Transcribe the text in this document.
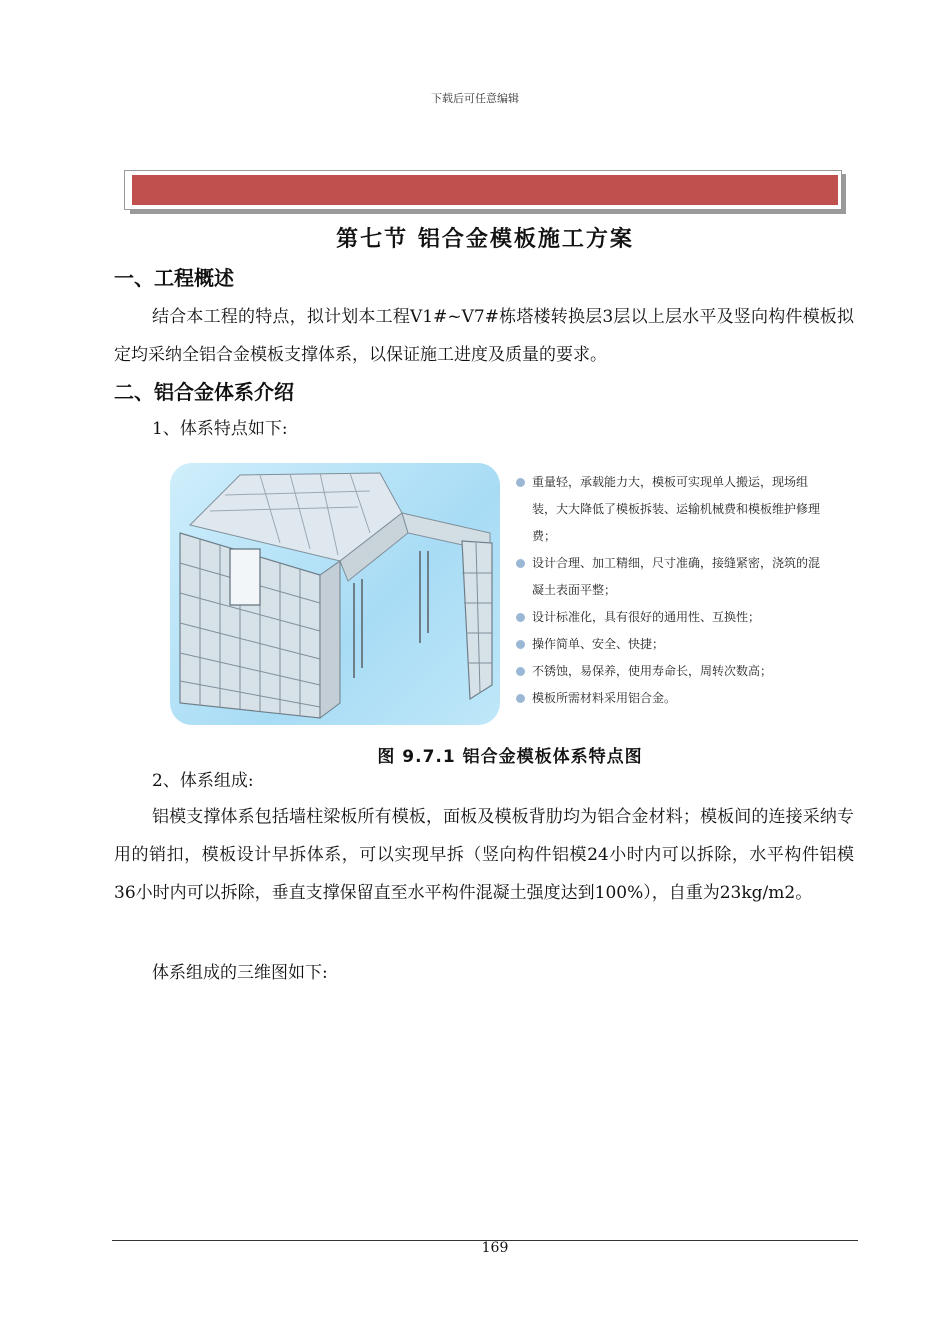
下载后可任意编辑
第七节 铝合金模板施工方案
一、工程概述
结合本工程的特点，拟计划本工程V1#~V7#栋塔楼转换层3层以上层水平及竖向构件模板拟定均采纳全铝合金模板支撑体系，以保证施工进度及质量的要求。
二、铝合金体系介绍
1、体系特点如下:
重量轻，承载能力大，模板可实现单人搬运，现场组装，大大降低了模板拆装、运输机械费和模板维护修理费；
设计合理、加工精细，尺寸准确，接缝紧密，浇筑的混凝土表面平整；
设计标准化，具有很好的通用性、互换性；
操作简单、安全、快捷；
不锈蚀，易保养，使用寿命长，周转次数高；
模板所需材料采用铝合金。
图 9.7.1 铝合金模板体系特点图
2、体系组成:
铝模支撑体系包括墙柱梁板所有模板，面板及模板背肋均为铝合金材料；模板间的连接采纳专用的销扣，模板设计早拆体系，可以实现早拆（竖向构件铝模24小时内可以拆除，水平构件铝模36小时内可以拆除，垂直支撑保留直至水平构件混凝土强度达到100%），自重为23kg/m2。
体系组成的三维图如下:
169
